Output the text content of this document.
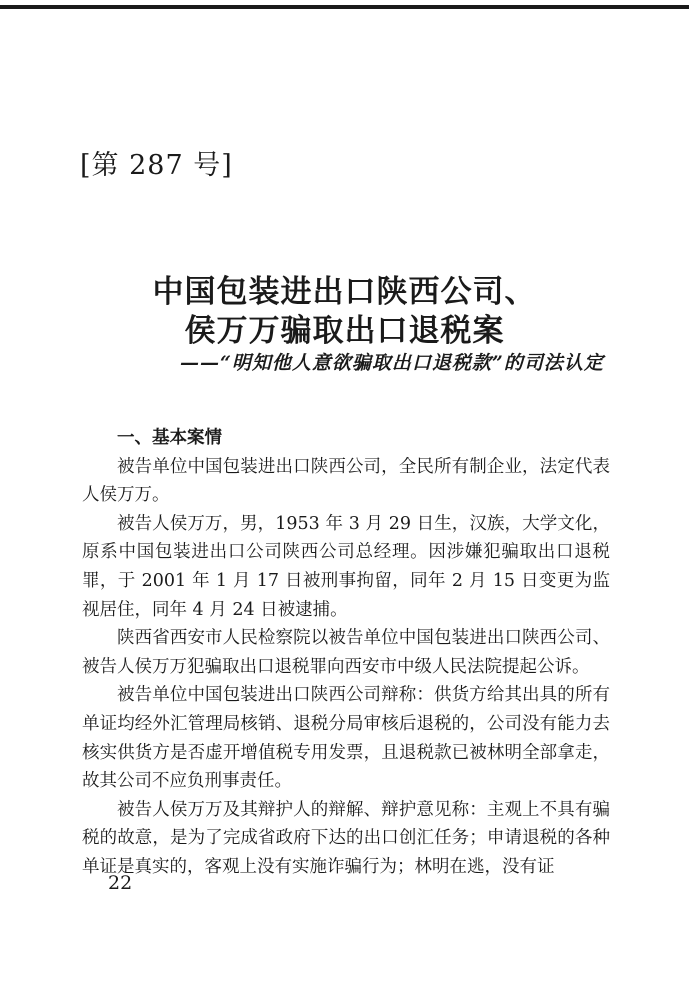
[第 287 号]
中国包装进出口陕西公司、
侯万万骗取出口退税案
——“明知他人意欲骗取出口退税款”的司法认定

一、基本案情

被告单位中国包装进出口陕西公司，全民所有制企业，法定代表人侯万万。

被告人侯万万，男，1953 年 3 月 29 日生，汉族，大学文化，原系中国包装进出口公司陕西公司总经理。因涉嫌犯骗取出口退税罪，于 2001 年 1 月 17 日被刑事拘留，同年 2 月 15 日变更为监视居住，同年 4 月 24 日被逮捕。

陕西省西安市人民检察院以被告单位中国包装进出口陕西公司、被告人侯万万犯骗取出口退税罪向西安市中级人民法院提起公诉。

被告单位中国包装进出口陕西公司辩称：供货方给其出具的所有单证均经外汇管理局核销、退税分局审核后退税的，公司没有能力去核实供货方是否虚开增值税专用发票，且退税款已被林明全部拿走，故其公司不应负刑事责任。

被告人侯万万及其辩护人的辩解、辩护意见称：主观上不具有骗税的故意，是为了完成省政府下达的出口创汇任务；申请退税的各种单证是真实的，客观上没有实施诈骗行为；林明在逃，没有证

22
